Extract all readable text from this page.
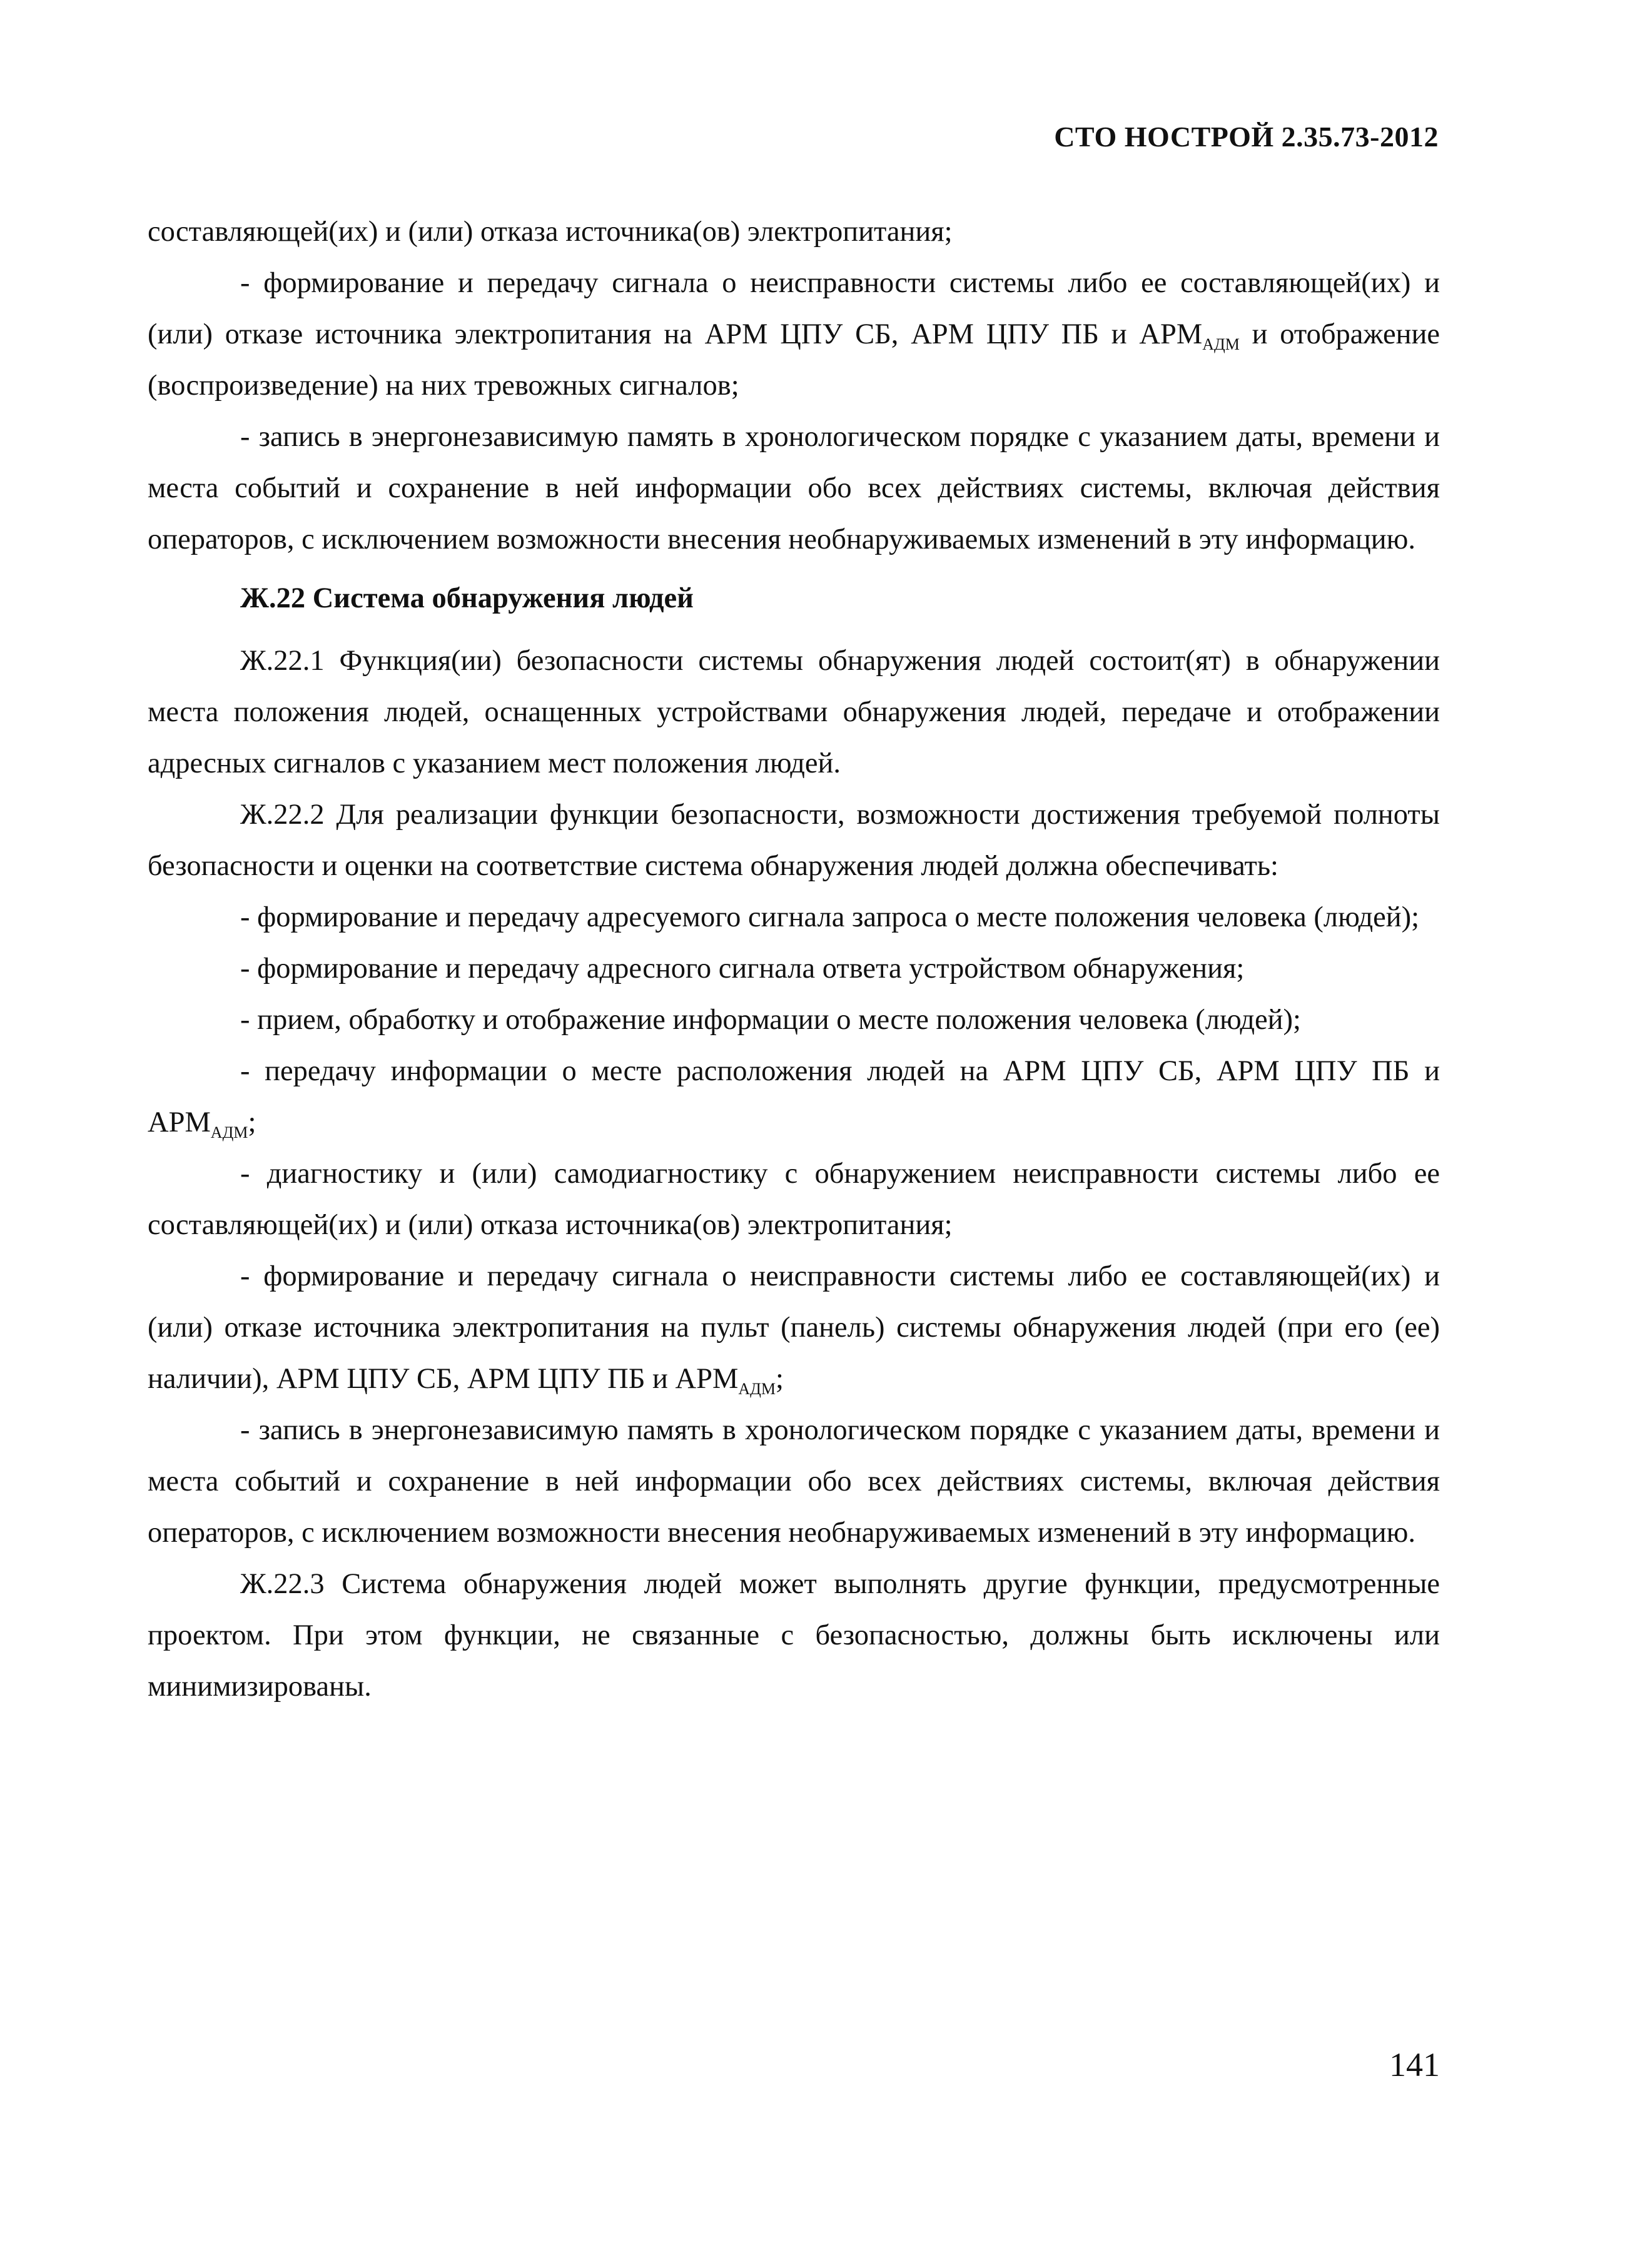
СТО НОСТРОЙ 2.35.73-2012

составляющей(их) и (или) отказа источника(ов) электропитания;

- формирование и передачу сигнала о неисправности системы либо ее составляющей(их) и (или) отказе источника электропитания на АРМ ЦПУ СБ, АРМ ЦПУ ПБ и $АРМ_{АДМ}$ и отображение (воспроизведение) на них тревожных сигналов;

- запись в энергонезависимую память в хронологическом порядке с указанием даты, времени и места событий и сохранение в ней информации обо всех действиях системы, включая действия операторов, с исключением возможности внесения необнаруживаемых изменений в эту информацию.

Ж.22 Система обнаружения людей

Ж.22.1 Функция(ии) безопасности системы обнаружения людей состоит(ят) в обнаружении места положения людей, оснащенных устройствами обнаружения людей, передаче и отображении адресных сигналов с указанием мест положения людей.

Ж.22.2 Для реализации функции безопасности, возможности достижения требуемой полноты безопасности и оценки на соответствие система обнаружения людей должна обеспечивать:

- формирование и передачу адресуемого сигнала запроса о месте положения человека (людей);

- формирование и передачу адресного сигнала ответа устройством обнаружения;

- прием, обработку и отображение информации о месте положения человека (людей);

- передачу информации о месте расположения людей на АРМ ЦПУ СБ, АРМ ЦПУ ПБ и $АРМ_{АДМ}$;

- диагностику и (или) самодиагностику с обнаружением неисправности системы либо ее составляющей(их) и (или) отказа источника(ов) электропитания;

- формирование и передачу сигнала о неисправности системы либо ее составляющей(их) и (или) отказе источника электропитания на пульт (панель) системы обнаружения людей (при его (ее) наличии), АРМ ЦПУ СБ, АРМ ЦПУ ПБ и $АРМ_{АДМ}$;

- запись в энергонезависимую память в хронологическом порядке с указанием даты, времени и места событий и сохранение в ней информации обо всех действиях системы, включая действия операторов, с исключением возможности внесения необнаруживаемых изменений в эту информацию.

Ж.22.3 Система обнаружения людей может выполнять другие функции, предусмотренные проектом. При этом функции, не связанные с безопасностью, должны быть исключены или минимизированы.

141
